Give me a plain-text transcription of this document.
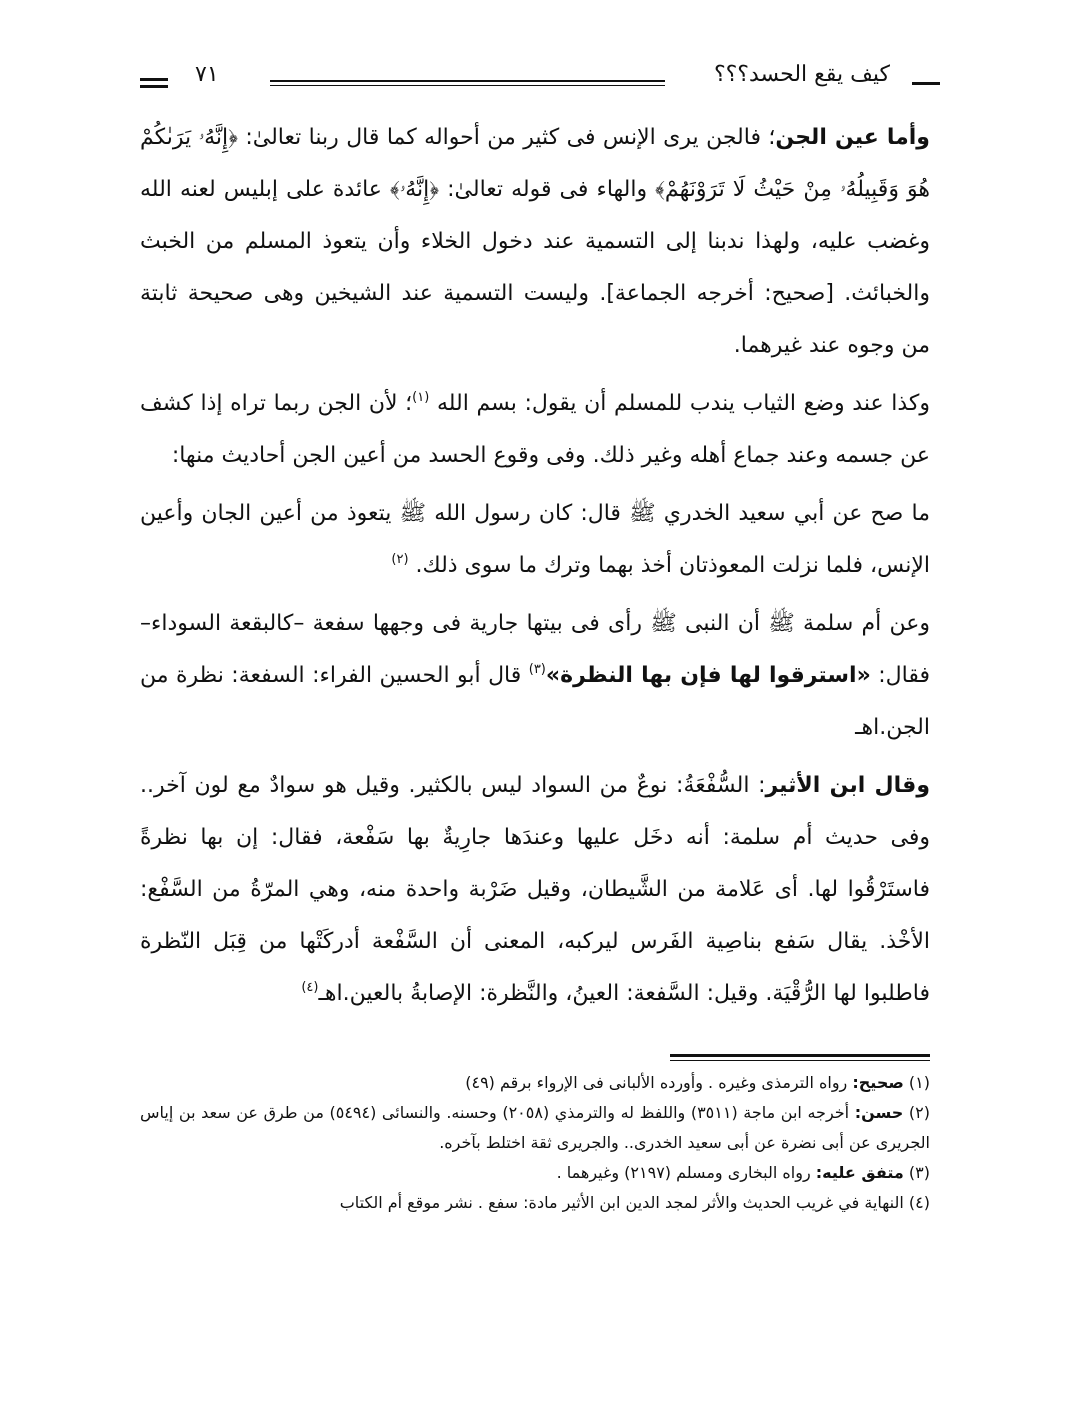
كيف يقع الحسد؟؟؟
٧١

وأما عين الجن؛ فالجن يرى الإنس فى كثير من أحواله كما قال ربنا تعالىٰ: ﴿إِنَّهُۥ يَرَىٰكُمْ هُوَ وَقَبِيلُهُۥ مِنْ حَيْثُ لَا تَرَوْنَهُمْ﴾ والهاء فى قوله تعالىٰ: ﴿إِنَّهُۥ﴾ عائدة على إبليس لعنه الله وغضب عليه، ولهذا ندبنا إلى التسمية عند دخول الخلاء وأن يتعوذ المسلم من الخبث والخبائث. [صحيح: أخرجه الجماعة]. وليست التسمية عند الشيخين وهى صحيحة ثابتة من وجوه عند غيرهما.

وكذا عند وضع الثياب يندب للمسلم أن يقول: بسم الله $^{(١)}$؛ لأن الجن ربما تراه إذا كشف عن جسمه وعند جماع أهله وغير ذلك. وفى وقوع الحسد من أعين الجن أحاديث منها:

ما صح عن أبي سعيد الخدري ﷺ قال: كان رسول الله ﷺ يتعوذ من أعين الجان وأعين الإنس، فلما نزلت المعوذتان أخذ بهما وترك ما سوى ذلك. $^{(٢)}$

وعن أم سلمة ﷺ أن النبى ﷺ رأى فى بيتها جارية فى وجهها سفعة –كالبقعة السوداء– فقال: «استرقوا لها فإن بها النظرة»$^{(٣)}$ قال أبو الحسين الفراء: السفعة: نظرة من الجن.اهـ

وقال ابن الأثير: السُّفْعَةُ: نوعٌ من السواد ليس بالكثير. وقيل هو سوادٌ مع لون آخر.. وفى حديث أم سلمة: أنه دخَل عليها وعندَها جارِيةٌ بها سَفْعة، فقال: إن بها نظرةً فاستَرْقُوا لها. أى عَلامة من الشَّيطان، وقيل ضَرْبة واحدة منه، وهي المرّةُ من السَّفْع: الأخْذ. يقال سَفع بناصِية الفَرس ليركبه، المعنى أن السَّفْعة أدركَتْها من قِبَل النّظرة فاطلبوا لها الرُّقْيَة. وقيل: السَّفعة: العينُ، والنَّظرة: الإصابةُ بالعين.اهـ$^{(٤)}$

(١) صحيح: رواه الترمذى وغيره . وأورده الألبانى فى الإرواء برقم (٤٩)

(٢) حسن: أخرجه ابن ماجة (٣٥١١) واللفظ له والترمذي (٢٠٥٨) وحسنه. والنسائى (٥٤٩٤) من طرق عن سعد بن إياس الجريرى عن أبى نضرة عن أبى سعيد الخدرى.. والجريرى ثقة اختلط بآخره.

(٣) متفق عليه: رواه البخارى ومسلم (٢١٩٧) وغيرهما .

(٤) النهاية في غريب الحديث والأثر لمجد الدين ابن الأثير مادة: سفع . نشر موقع أم الكتاب
